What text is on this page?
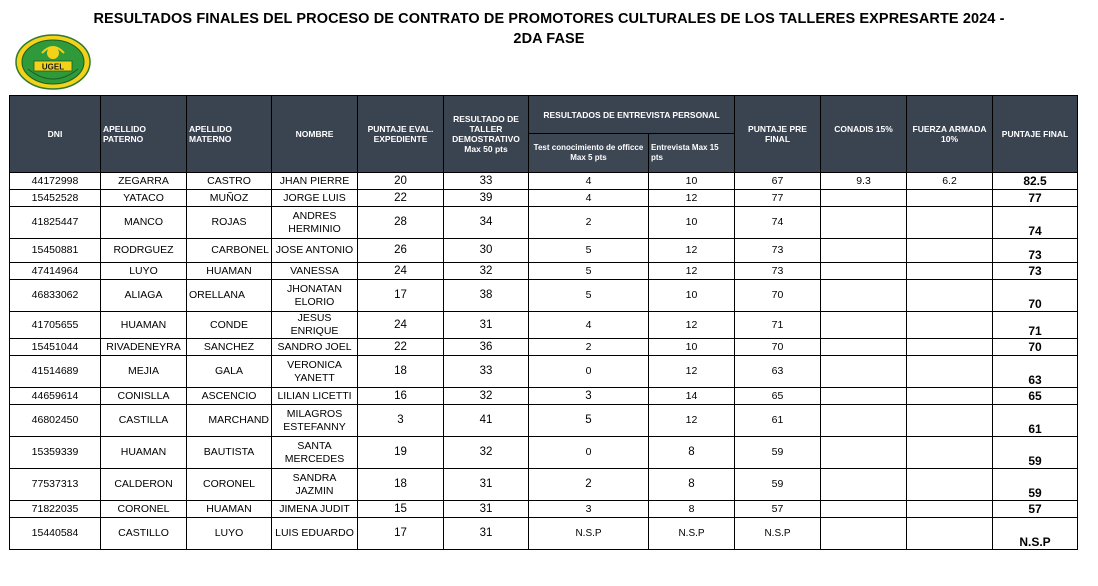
RESULTADOS FINALES DEL PROCESO DE CONTRATO DE PROMOTORES CULTURALES DE LOS TALLERES EXPRESARTE 2024 -
2DA FASE
UGEL
DNI	APELLIDO PATERNO	APELLIDO MATERNO	NOMBRE	PUNTAJE EVAL. EXPEDIENTE	RESULTADO DE TALLER DEMOSTRATIVO Max 50 pts	RESULTADOS DE ENTREVISTA PERSONAL		PUNTAJE PRE FINAL	CONADIS 15%	FUERZA ARMADA 10%	PUNTAJE FINAL
						Test conocimiento de officce Max 5 pts	Entrevista Max 15 pts				
44172998	ZEGARRA	CASTRO	JHAN PIERRE	20	33	4	10	67	9.3	6.2	82.5
15452528	YATACO	MUÑOZ	JORGE LUIS	22	39	4	12	77			77
41825447	MANCO	ROJAS	ANDRES HERMINIO	28	34	2	10	74			74
15450881	RODRGUEZ	CARBONEL	JOSE ANTONIO	26	30	5	12	73			73
47414964	LUYO	HUAMAN	VANESSA	24	32	5	12	73			73
46833062	ALIAGA	ORELLANA	JHONATAN ELORIO	17	38	5	10	70			70
41705655	HUAMAN	CONDE	JESUS ENRIQUE	24	31	4	12	71			71
15451044	RIVADENEYRA	SANCHEZ	SANDRO JOEL	22	36	2	10	70			70
41514689	MEJIA	GALA	VERONICA YANETT	18	33	0	12	63			63
44659614	CONISLLA	ASCENCIO	LILIAN LICETTI	16	32	3	14	65			65
46802450	CASTILLA	MARCHAND	MILAGROS ESTEFANNY	3	41	5	12	61			61
15359339	HUAMAN	BAUTISTA	SANTA MERCEDES	19	32	0	8	59			59
77537313	CALDERON	CORONEL	SANDRA JAZMIN	18	31	2	8	59			59
71822035	CORONEL	HUAMAN	JIMENA JUDIT	15	31	3	8	57			57
15440584	CASTILLO	LUYO	LUIS EDUARDO	17	31	N.S.P	N.S.P	N.S.P			N.S.P
